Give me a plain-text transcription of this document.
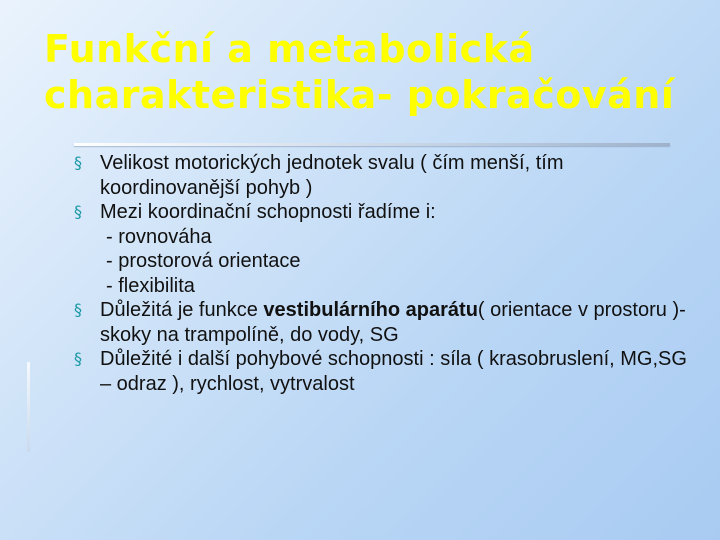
Funkční a metabolická
charakteristika- pokračování
§ Velikost motorických jednotek svalu ( čím menší, tím koordinovanější pohyb )
§ Mezi koordinační schopnosti řadíme i:
- rovnováha
- prostorová orientace
- flexibilita
§ Důležitá je funkce vestibulárního aparátu( orientace v prostoru )- skoky na trampolíně, do vody, SG
§ Důležité i další pohybové schopnosti : síla ( krasobruslení, MG,SG – odraz ), rychlost, vytrvalost
